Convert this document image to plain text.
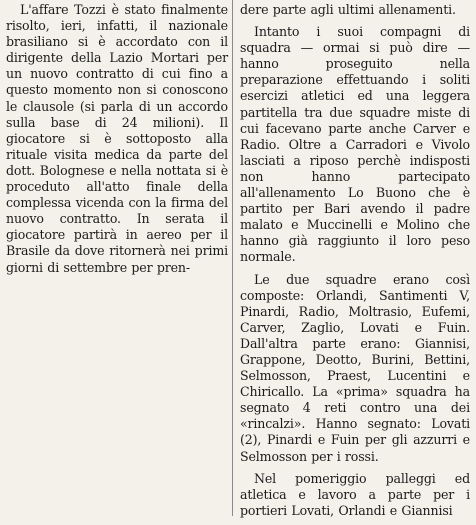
L'affare Tozzi è stato finalmente risolto, ieri, infatti, il nazionale brasiliano si è accordato con il dirigente della Lazio Mortari per un nuovo contratto di cui fino a questo momento non si conoscono le clausole (si parla di un accordo sulla base di 24 milioni). Il giocatore si è sottoposto alla rituale visita medica da parte del dott. Bolognese e nella nottata si è proceduto all'atto finale della complessa vicenda con la firma del nuovo contratto. In serata il giocatore partirà in aereo per il Brasile da dove ritornerà nei primi giorni di settembre per pren-

dere parte agli ultimi allenamenti.

Intanto i suoi compagni di squadra — ormai si può dire — hanno proseguito nella preparazione effettuando i soliti esercizi atletici ed una leggera partitella tra due squadre miste di cui facevano parte anche Carver e Radio. Oltre a Carradori e Vivolo lasciati a riposo perchè indisposti non hanno partecipato all'allenamento Lo Buono che è partito per Bari avendo il padre malato e Muccinelli e Molino che hanno già raggiunto il loro peso normale.

Le due squadre erano così composte: Orlandi, Santimenti V, Pinardi, Radio, Moltrasio, Eufemi, Carver, Zaglio, Lovati e Fuin. Dall'altra parte erano: Giannisi, Grappone, Deotto, Burini, Bettini, Selmosson, Praest, Lucentini e Chiricallo. La «prima» squadra ha segnato 4 reti contro una dei «rincalzi». Hanno segnato: Lovati (2), Pinardi e Fuin per gli azzurri e Selmosson per i rossi.

Nel pomeriggio palleggi ed atletica e lavoro a parte per i portieri Lovati, Orlandi e Giannisi
